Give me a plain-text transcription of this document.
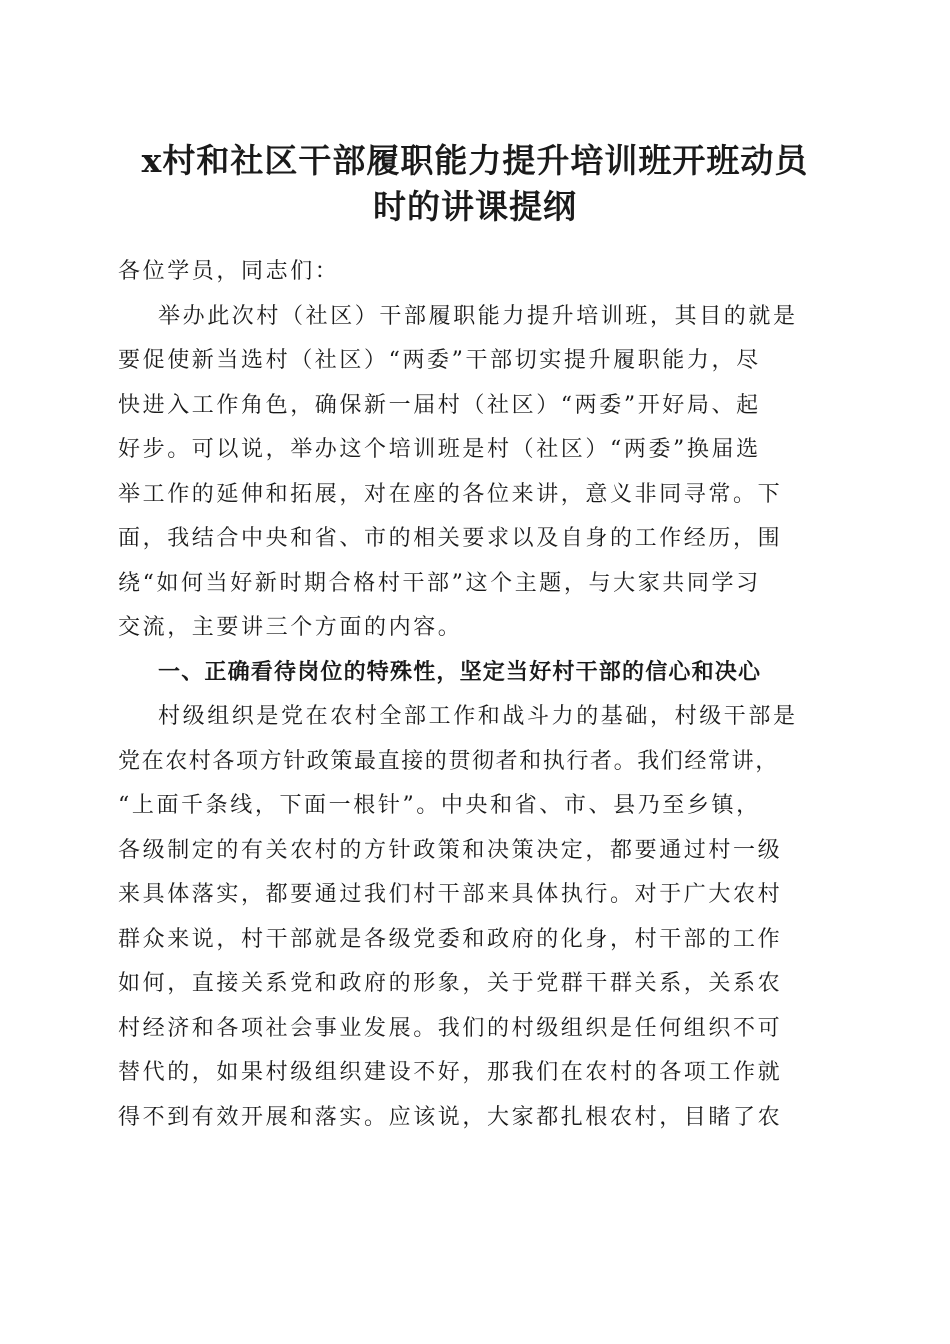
x村和社区干部履职能力提升培训班开班动员
时的讲课提纲
各位学员，同志们：
举办此次村（社区）干部履职能力提升培训班，其目的就是
要促使新当选村（社区）“两委”干部切实提升履职能力，尽
快进入工作角色，确保新一届村（社区）“两委”开好局、起
好步。可以说，举办这个培训班是村（社区）“两委”换届选
举工作的延伸和拓展，对在座的各位来讲，意义非同寻常。下
面，我结合中央和省、市的相关要求以及自身的工作经历，围
绕“如何当好新时期合格村干部”这个主题，与大家共同学习
交流，主要讲三个方面的内容。
一、正确看待岗位的特殊性，坚定当好村干部的信心和决心
村级组织是党在农村全部工作和战斗力的基础，村级干部是
党在农村各项方针政策最直接的贯彻者和执行者。我们经常讲，
“上面千条线，下面一根针”。中央和省、市、县乃至乡镇，
各级制定的有关农村的方针政策和决策决定，都要通过村一级
来具体落实，都要通过我们村干部来具体执行。对于广大农村
群众来说，村干部就是各级党委和政府的化身，村干部的工作
如何，直接关系党和政府的形象，关于党群干群关系，关系农
村经济和各项社会事业发展。我们的村级组织是任何组织不可
替代的，如果村级组织建设不好，那我们在农村的各项工作就
得不到有效开展和落实。应该说，大家都扎根农村，目睹了农
